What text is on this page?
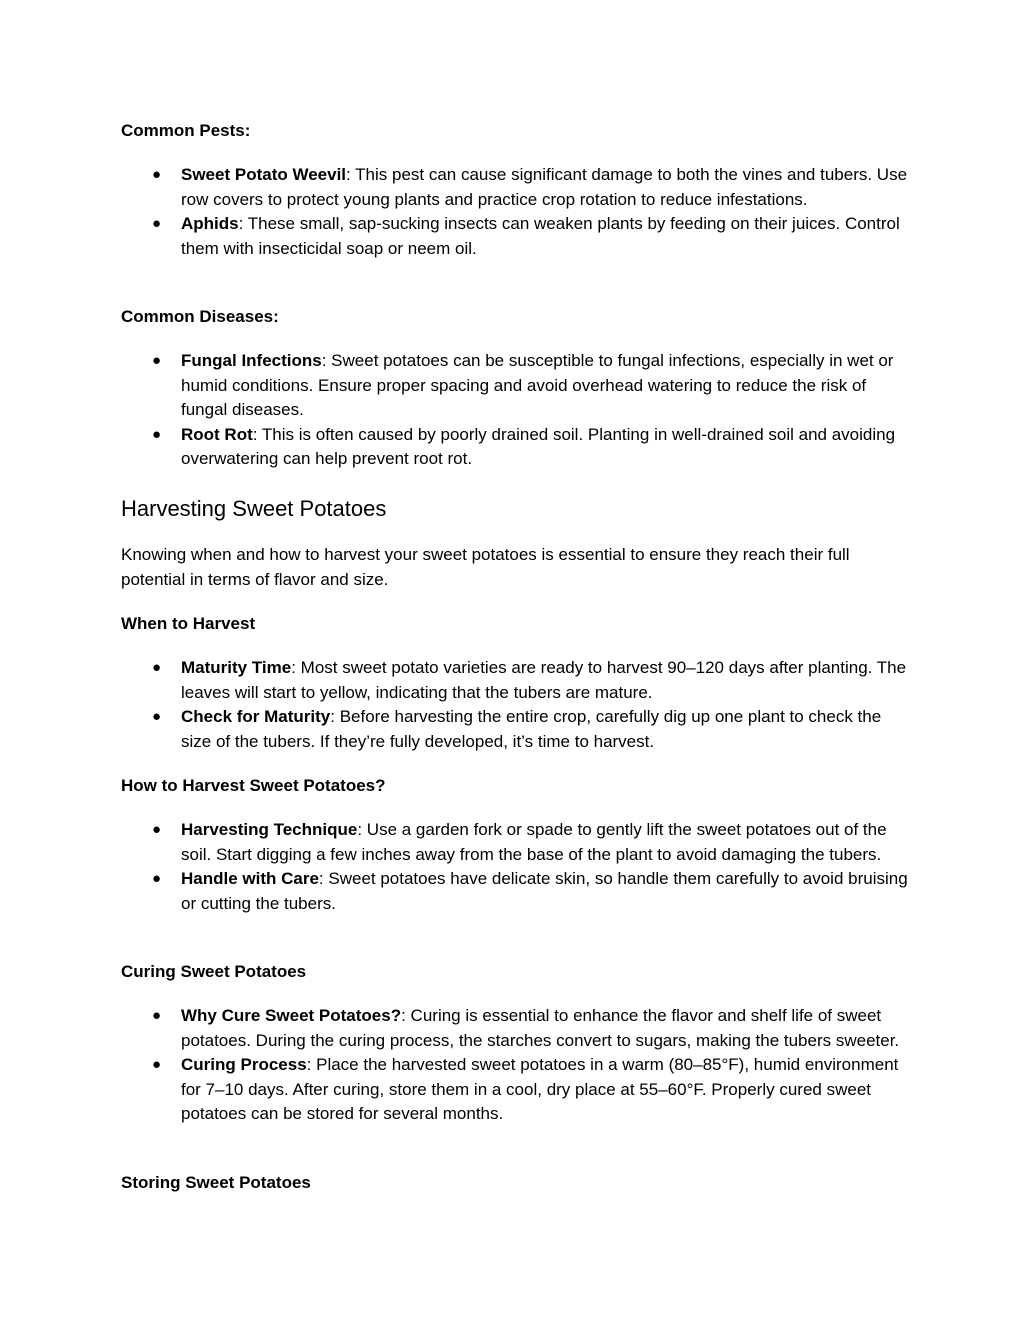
Common Pests:

● Sweet Potato Weevil: This pest can cause significant damage to both the vines and tubers. Use row covers to protect young plants and practice crop rotation to reduce infestations.
● Aphids: These small, sap-sucking insects can weaken plants by feeding on their juices. Control them with insecticidal soap or neem oil.

Common Diseases:

● Fungal Infections: Sweet potatoes can be susceptible to fungal infections, especially in wet or humid conditions. Ensure proper spacing and avoid overhead watering to reduce the risk of fungal diseases.
● Root Rot: This is often caused by poorly drained soil. Planting in well-drained soil and avoiding overwatering can help prevent root rot.
Harvesting Sweet Potatoes

Knowing when and how to harvest your sweet potatoes is essential to ensure they reach their full potential in terms of flavor and size.

When to Harvest

● Maturity Time: Most sweet potato varieties are ready to harvest 90–120 days after planting. The leaves will start to yellow, indicating that the tubers are mature.
● Check for Maturity: Before harvesting the entire crop, carefully dig up one plant to check the size of the tubers. If they’re fully developed, it’s time to harvest.

How to Harvest Sweet Potatoes?

● Harvesting Technique: Use a garden fork or spade to gently lift the sweet potatoes out of the soil. Start digging a few inches away from the base of the plant to avoid damaging the tubers.
● Handle with Care: Sweet potatoes have delicate skin, so handle them carefully to avoid bruising or cutting the tubers.

Curing Sweet Potatoes

● Why Cure Sweet Potatoes?: Curing is essential to enhance the flavor and shelf life of sweet potatoes. During the curing process, the starches convert to sugars, making the tubers sweeter.
● Curing Process: Place the harvested sweet potatoes in a warm (80–85°F), humid environment for 7–10 days. After curing, store them in a cool, dry place at 55–60°F. Properly cured sweet potatoes can be stored for several months.

Storing Sweet Potatoes
